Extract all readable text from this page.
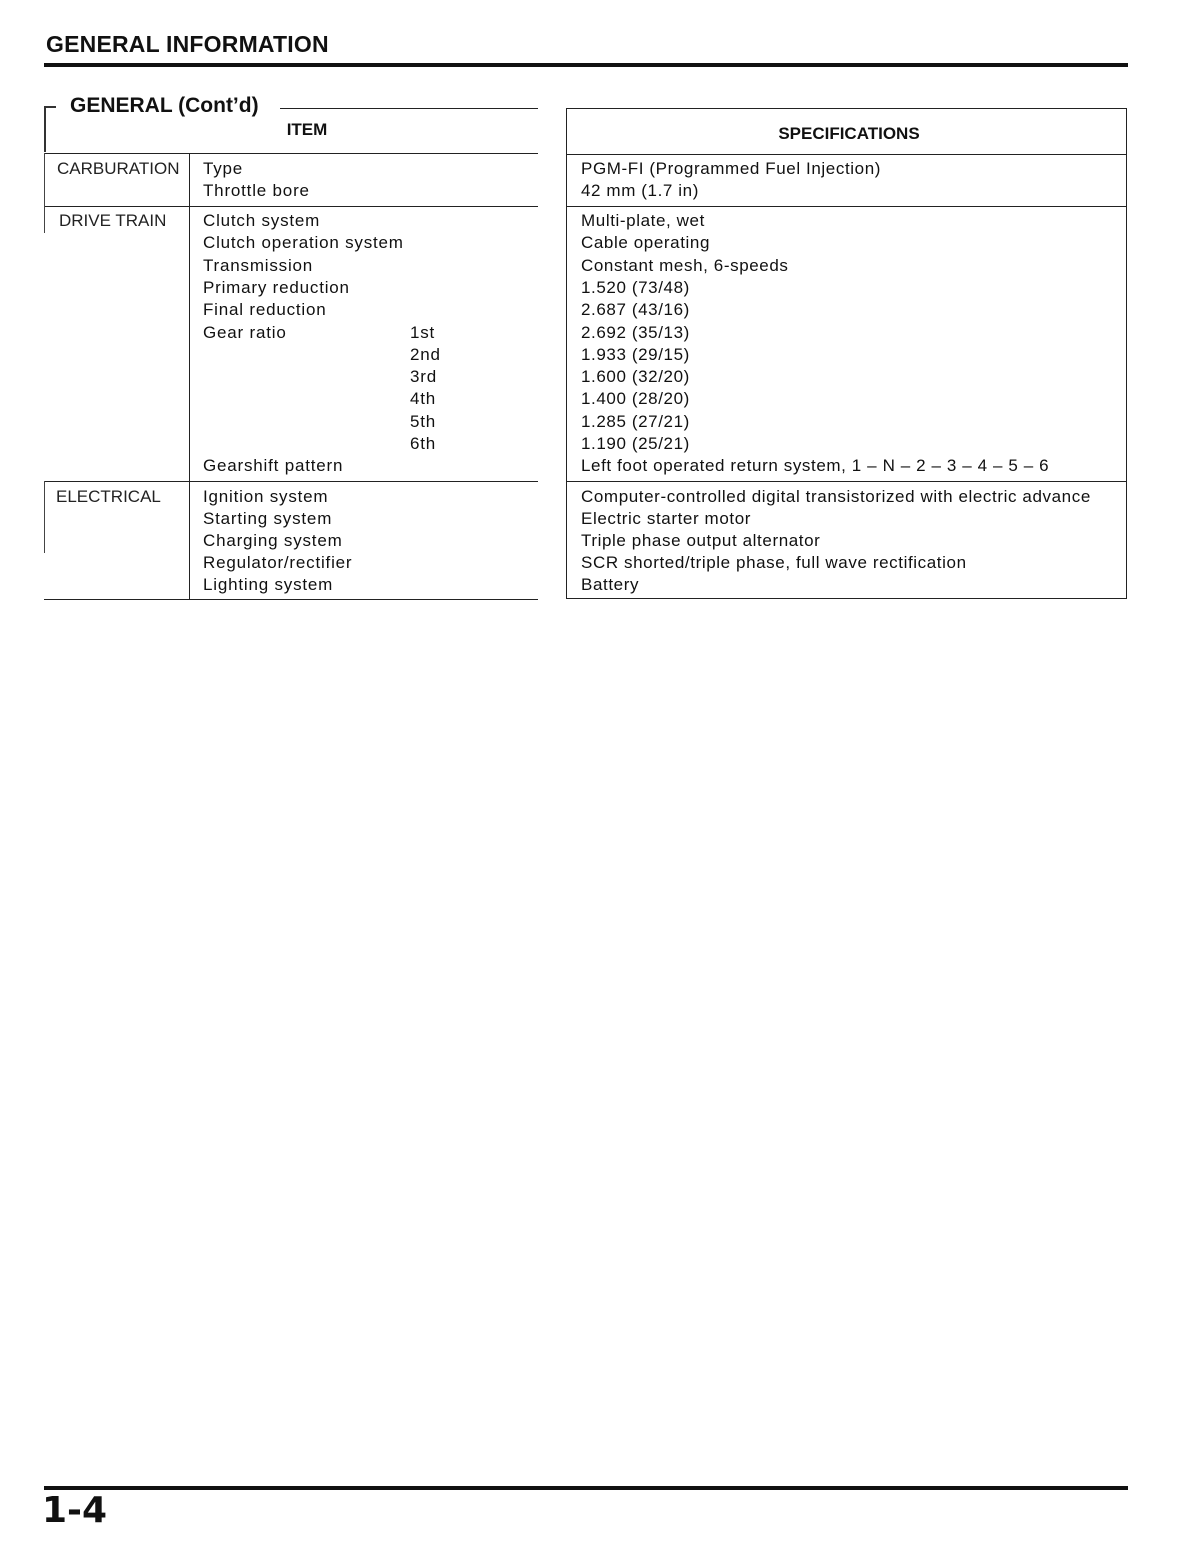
GENERAL INFORMATION
GENERAL (Cont’d)
ITEM
CARBURATION
DRIVE TRAIN
ELECTRICAL
Type
Throttle bore
Clutch system
Clutch operation system
Transmission
Primary reduction
Final reduction
Gear ratio
Gearshift pattern
1st
2nd
3rd
4th
5th
6th
Ignition system
Starting system
Charging system
Regulator/rectifier
Lighting system
SPECIFICATIONS
PGM-FI (Programmed Fuel Injection)
42 mm (1.7 in)
Multi-plate, wet
Cable operating
Constant mesh, 6-speeds
1.520 (73/48)
2.687 (43/16)
2.692 (35/13)
1.933 (29/15)
1.600 (32/20)
1.400 (28/20)
1.285 (27/21)
1.190 (25/21)
Left foot operated return system, 1 – N – 2 – 3 – 4 – 5 – 6
Computer-controlled digital transistorized with electric advance
Electric starter motor
Triple phase output alternator
SCR shorted/triple phase, full wave rectification
Battery
1-4
